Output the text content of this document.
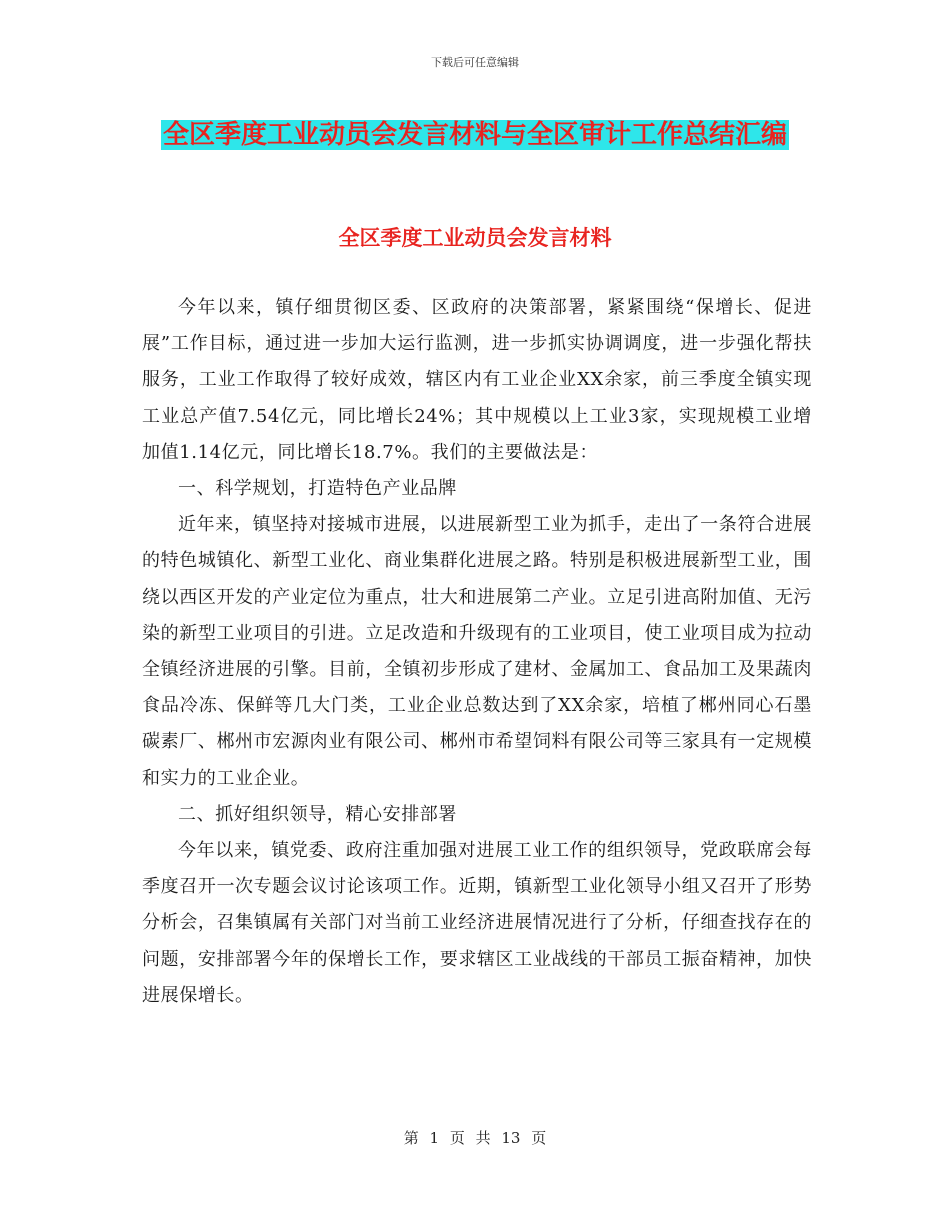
下载后可任意编辑
全区季度工业动员会发言材料与全区审计工作总结汇编
全区季度工业动员会发言材料

今年以来，镇仔细贯彻区委、区政府的决策部署，紧紧围绕“保增长、促进展”工作目标，通过进一步加大运行监测，进一步抓实协调调度，进一步强化帮扶服务，工业工作取得了较好成效，辖区内有工业企业XX余家，前三季度全镇实现工业总产值7.54亿元，同比增长24%；其中规模以上工业3家，实现规模工业增加值1.14亿元，同比增长18.7%。我们的主要做法是：

一、科学规划，打造特色产业品牌

近年来，镇坚持对接城市进展，以进展新型工业为抓手，走出了一条符合进展的特色城镇化、新型工业化、商业集群化进展之路。特别是积极进展新型工业，围绕以西区开发的产业定位为重点，壮大和进展第二产业。立足引进高附加值、无污染的新型工业项目的引进。立足改造和升级现有的工业项目，使工业项目成为拉动全镇经济进展的引擎。目前，全镇初步形成了建材、金属加工、食品加工及果蔬肉食品冷冻、保鲜等几大门类，工业企业总数达到了XX余家，培植了郴州同心石墨碳素厂、郴州市宏源肉业有限公司、郴州市希望饲料有限公司等三家具有一定规模和实力的工业企业。

二、抓好组织领导，精心安排部署

今年以来，镇党委、政府注重加强对进展工业工作的组织领导，党政联席会每季度召开一次专题会议讨论该项工作。近期，镇新型工业化领导小组又召开了形势分析会，召集镇属有关部门对当前工业经济进展情况进行了分析，仔细查找存在的问题，安排部署今年的保增长工作，要求辖区工业战线的干部员工振奋精神，加快进展保增长。

第 1 页 共 13 页
